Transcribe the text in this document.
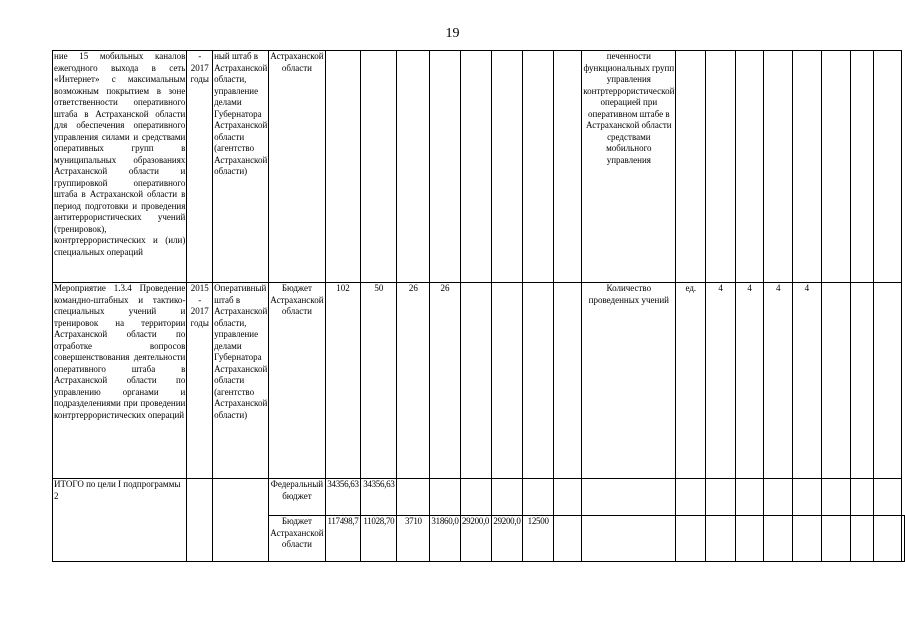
19
ние 15 мобильных каналов ежегодного выхода в сеть «Интернет» с максимальным возможным покрытием в зоне ответственности оперативного штаба в Астраханской области для обеспечения оперативного управления силами и средствами оперативных групп в муниципальных образованиях Астраханской области и группировкой оперативного штаба в Астраханской области в период подготовки и проведения антитеррористических учений (тренировок), контртеррористических и (или) специальных операций	- 2017 годы	ный штаб в Астраханской области, управление делами Губернатора Астраханской области (агентство Астраханской области)	Астраханской области									печенности функциональных групп управления контртеррористической операцией при оперативном штабе в Астраханской области средствами мобильного управления									
Мероприятие 1.3.4 Проведение командно-штабных и тактико-специальных учений и тренировок на территории Астраханской области по отработке вопросов совершенствования деятельности оперативного штаба в Астраханской области по управлению органами и подразделениями при проведении контртеррористических операций	2015 - 2017 годы	Оперативный штаб в Астраханской области, управление делами Губернатора Астраханской области (агентство Астраханской области)	Бюджет Астраханской области	102	50	26	26					Количество проведенных учений	ед.	4	4	4	4				
ИТОГО по цели I подпрограммы 2			Федеральный бюджет	34356,63	34356,63																
			Бюджет Астраханской области	117498,7	11028,70	3710	31860,0	29200,0	29200,0	12500											
